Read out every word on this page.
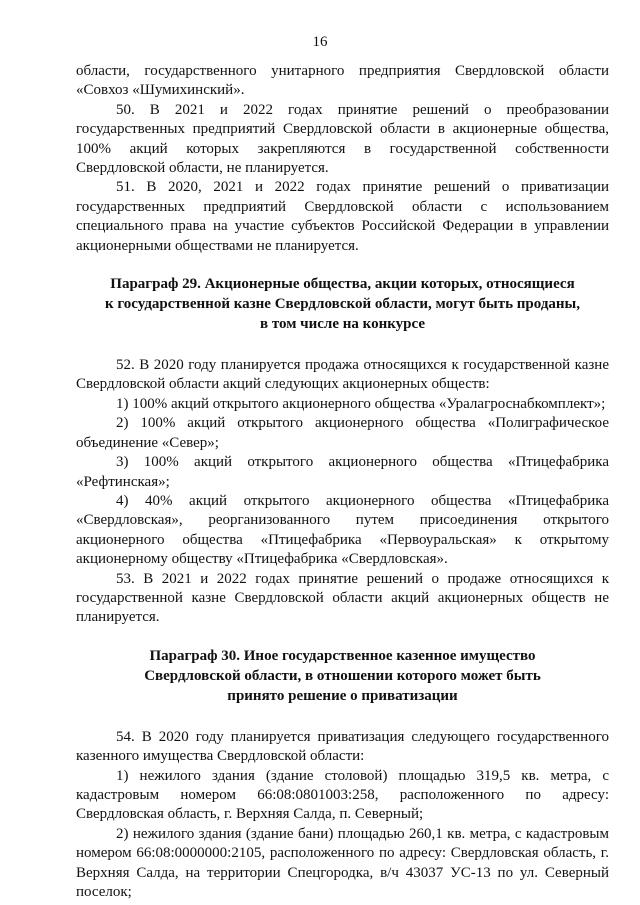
16

области, государственного унитарного предприятия Свердловской области «Совхоз «Шумихинский».

50. В 2021 и 2022 годах принятие решений о преобразовании государственных предприятий Свердловской области в акционерные общества, 100% акций которых закрепляются в государственной собственности Свердловской области, не планируется.

51. В 2020, 2021 и 2022 годах принятие решений о приватизации государственных предприятий Свердловской области с использованием специального права на участие субъектов Российской Федерации в управлении акционерными обществами не планируется.

Параграф 29. Акционерные общества, акции которых, относящиеся
к государственной казне Свердловской области, могут быть проданы,
в том числе на конкурсе

52. В 2020 году планируется продажа относящихся к государственной казне Свердловской области акций следующих акционерных обществ:

1) 100% акций открытого акционерного общества «Уралагроснабкомплект»;

2) 100% акций открытого акционерного общества «Полиграфическое объединение «Север»;

3) 100% акций открытого акционерного общества «Птицефабрика «Рефтинская»;

4) 40% акций открытого акционерного общества «Птицефабрика «Свердловская», реорганизованного путем присоединения открытого акционерного общества «Птицефабрика «Первоуральская» к открытому акционерному обществу «Птицефабрика «Свердловская».

53. В 2021 и 2022 годах принятие решений о продаже относящихся к государственной казне Свердловской области акций акционерных обществ не планируется.

Параграф 30. Иное государственное казенное имущество
Свердловской области, в отношении которого может быть
принято решение о приватизации

54. В 2020 году планируется приватизация следующего государственного казенного имущества Свердловской области:

1) нежилого здания (здание столовой) площадью 319,5 кв. метра, с кадастровым номером 66:08:0801003:258, расположенного по адресу: Свердловская область, г. Верхняя Салда, п. Северный;

2) нежилого здания (здание бани) площадью 260,1 кв. метра, с кадастровым номером 66:08:0000000:2105, расположенного по адресу: Свердловская область, г. Верхняя Салда, на территории Спецгородка, в/ч 43037 УС-13 по ул. Северный поселок;
